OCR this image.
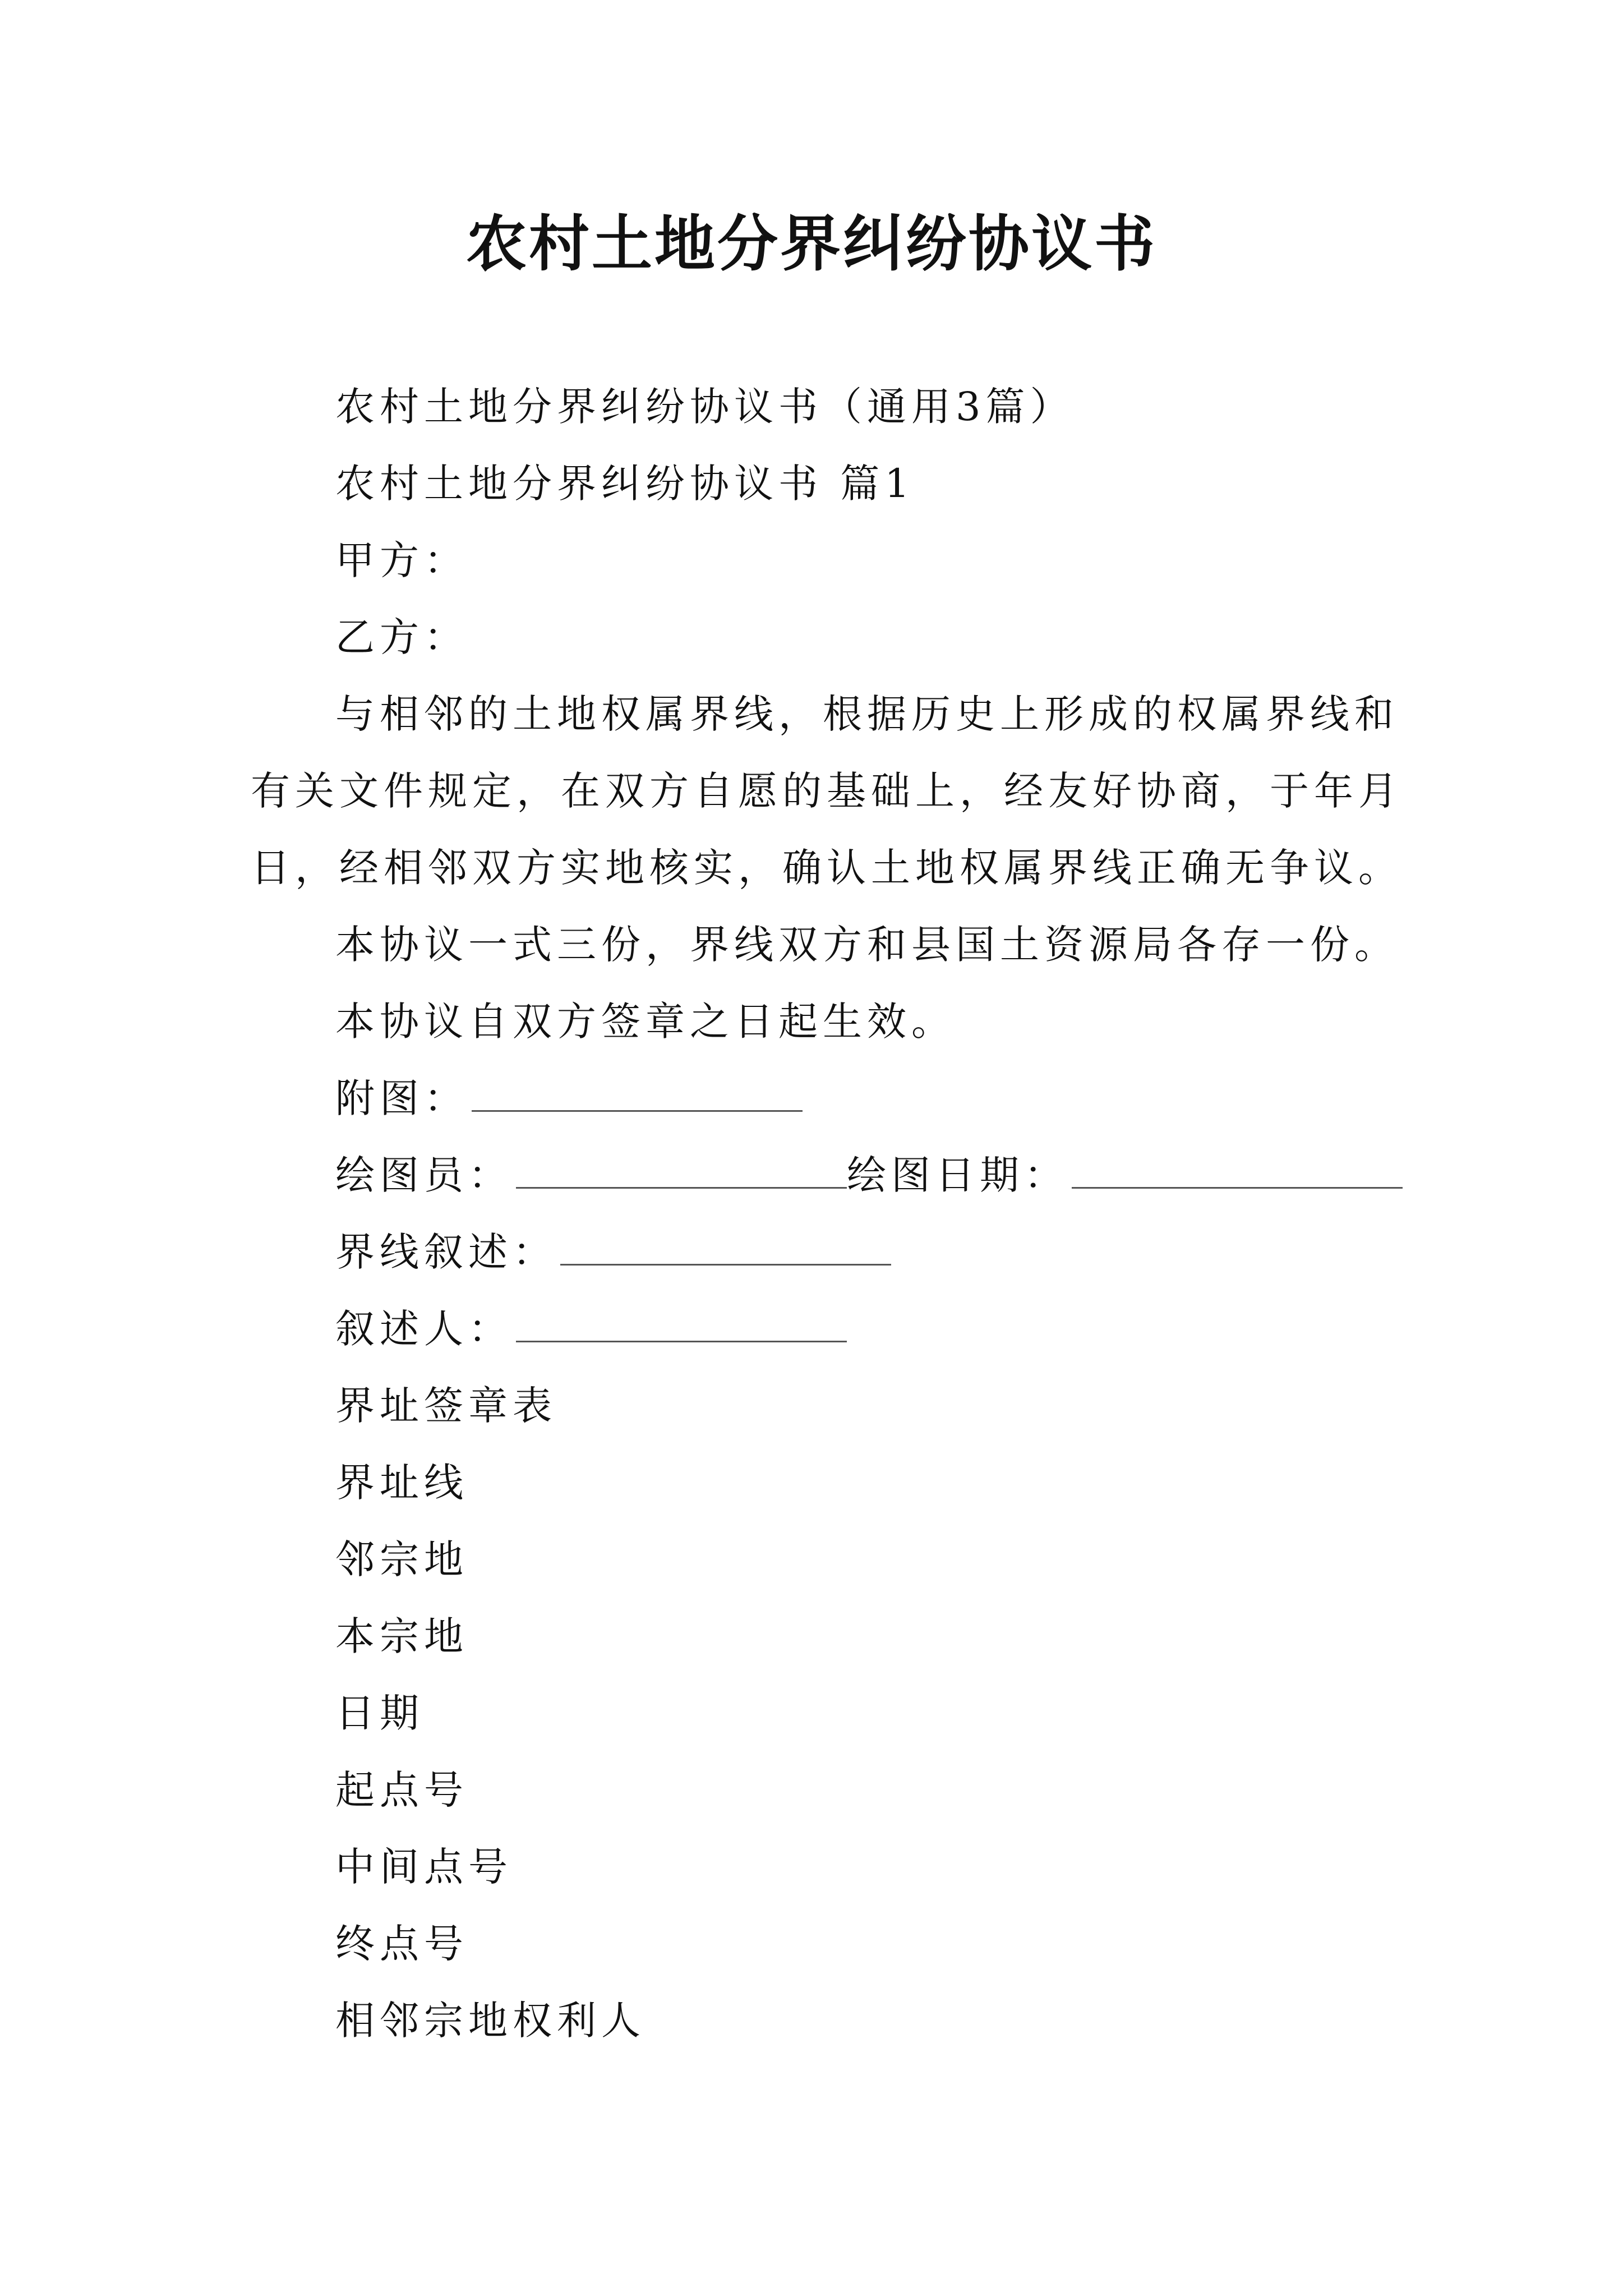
农村土地分界纠纷协议书
农村土地分界纠纷协议书（通用3篇）
农村土地分界纠纷协议书 篇1
甲方：
乙方：
与相邻的土地权属界线，根据历史上形成的权属界线和
有关文件规定，在双方自愿的基础上，经友好协商，于年月
日，经相邻双方实地核实，确认土地权属界线正确无争议。
本协议一式三份，界线双方和县国土资源局各存一份。
本协议自双方签章之日起生效。
附图：
绘图员：	绘图日期：
界线叙述：
叙述人：
界址签章表
界址线
邻宗地
本宗地
日期
起点号
中间点号
终点号
相邻宗地权利人
